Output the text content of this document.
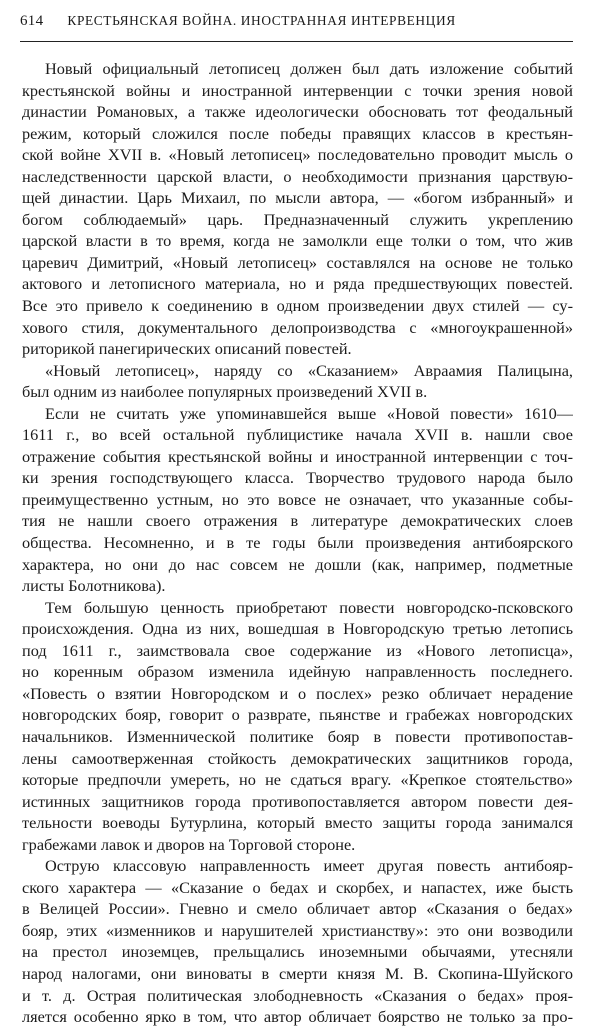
614 КРЕСТЬЯНСКАЯ ВОЙНА. ИНОСТРАННАЯ ИНТЕРВЕНЦИЯ
Новый официальный летописец должен был дать изложение событий
крестьянской войны и иностранной интервенции с точки зрения новой
династии Романовых, а также идеологически обосновать тот феодальный
режим, который сложился после победы правящих классов в крестьян-
ской войне XVII в. «Новый летописец» последовательно проводит мысль о
наследственности царской власти, о необходимости признания царствую-
щей династии. Царь Михаил, по мысли автора, — «богом избранный» и
богом соблюдаемый» царь. Предназначенный служить укреплению
царской власти в то время, когда не замолкли еще толки о том, что жив
царевич Димитрий, «Новый летописец» составлялся на основе не только
актового и летописного материала, но и ряда предшествующих повестей.
Все это привело к соединению в одном произведении двух стилей — су-
хового стиля, документального делопроизводства с «многоукрашенной»
риторикой панегирических описаний повестей.
«Новый летописец», наряду со «Сказанием» Авраамия Палицына,
был одним из наиболее популярных произведений XVII в.
Если не считать уже упоминавшейся выше «Новой повести» 1610—
1611 г., во всей остальной публицистике начала XVII в. нашли свое
отражение события крестьянской войны и иностранной интервенции с точ-
ки зрения господствующего класса. Творчество трудового народа было
преимущественно устным, но это вовсе не означает, что указанные собы-
тия не нашли своего отражения в литературе демократических слоев
общества. Несомненно, и в те годы были произведения антибоярского
характера, но они до нас совсем не дошли (как, например, подметные
листы Болотникова).
Тем большую ценность приобретают повести новгородско-псковского
происхождения. Одна из них, вошедшая в Новгородскую третью летопись
под 1611 г., заимствовала свое содержание из «Нового летописца»,
но коренным образом изменила идейную направленность последнего.
«Повесть о взятии Новгородском и о послех» резко обличает нерадение
новгородских бояр, говорит о разврате, пьянстве и грабежах новгородских
начальников. Изменнической политике бояр в повести противопостав-
лены самоотверженная стойкость демократических защитников города,
которые предпочли умереть, но не сдаться врагу. «Крепкое стоятельство»
истинных защитников города противопоставляется автором повести дея-
тельности воеводы Бутурлина, который вместо защиты города занимался
грабежами лавок и дворов на Торговой стороне.
Острую классовую направленность имеет другая повесть антибояр-
ского характера — «Сказание о бедах и скорбех, и напастех, иже бысть
в Велицей России». Гневно и смело обличает автор «Сказания о бедах»
бояр, этих «изменников и нарушителей христианству»: это они возводили
на престол иноземцев, прельщались иноземными обычаями, утесняли
народ налогами, они виноваты в смерти князя М. В. Скопина-Шуйского
и т. д. Острая политическая злободневность «Сказания о бедах» проя-
ляется особенно ярко в том, что автор обличает боярство не только за про-
